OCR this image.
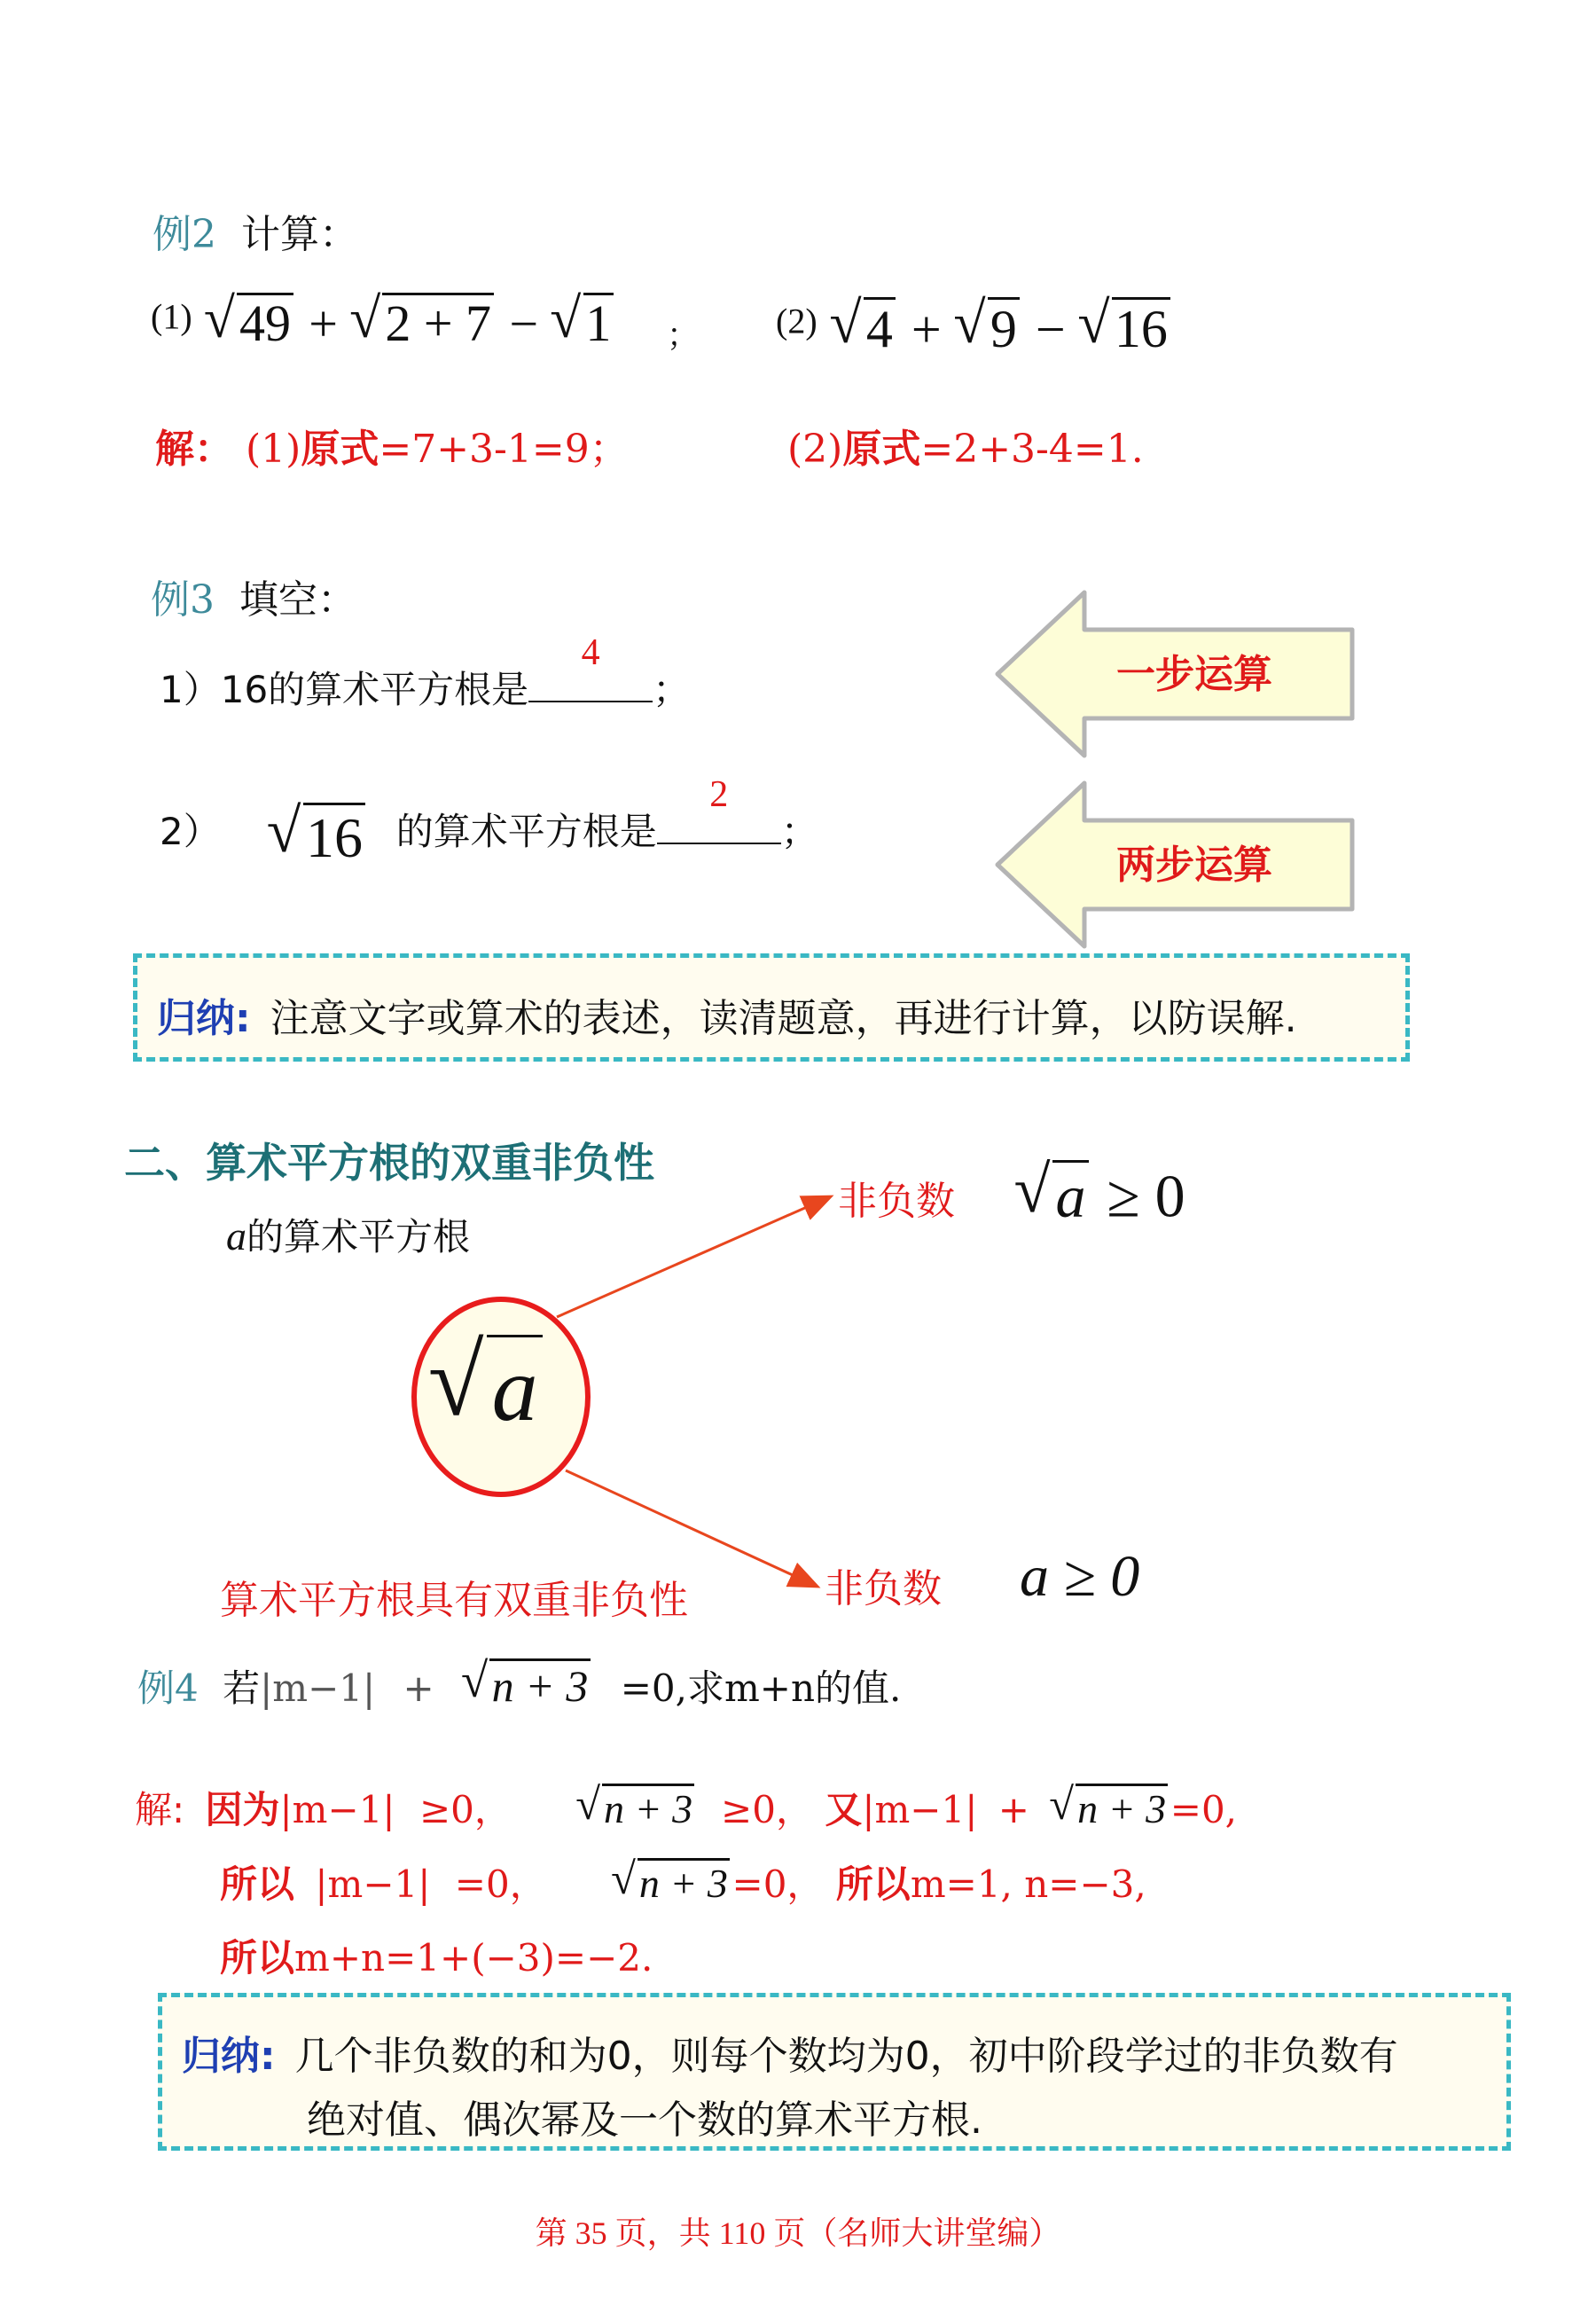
例2 计算：
$^{(1)}$ √ 49 + √ 2 + 7 − √ 1 ； $^{(2)}$ √ 4 + √ 9 − √ 16
解： (1)原式=7+3-1=9；	(2)原式=2+3-4=1.
例3 填空：
1）16的算术平方根是
4
；
2） √ 16 的算术平方根是
2
；
一步运算
两步运算
归纳: 注意文字或算术的表述，读清题意，再进行计算，以防误解.
二、算术平方根的双重非负性
a的算术平方根
√ a
非负数	√ a ≥ 0
非负数 a ≥ 0
算术平方根具有双重非负性
例4 若|m−1| + √ n + 3 =0,求m+n的值.
解: 因为|m−1| ≥0， √ n + 3 ≥0， 又|m−1| + √ n + 3 =0,
所以 |m−1| =0， √ n + 3 =0， 所以m=1, n=−3,
所以m+n=1+(−3)=−2.
归纳: 几个非负数的和为0，则每个数均为0，初中阶段学过的非负数有
绝对值、偶次幂及一个数的算术平方根.
第 35 页，共 110 页（名师大讲堂编）
